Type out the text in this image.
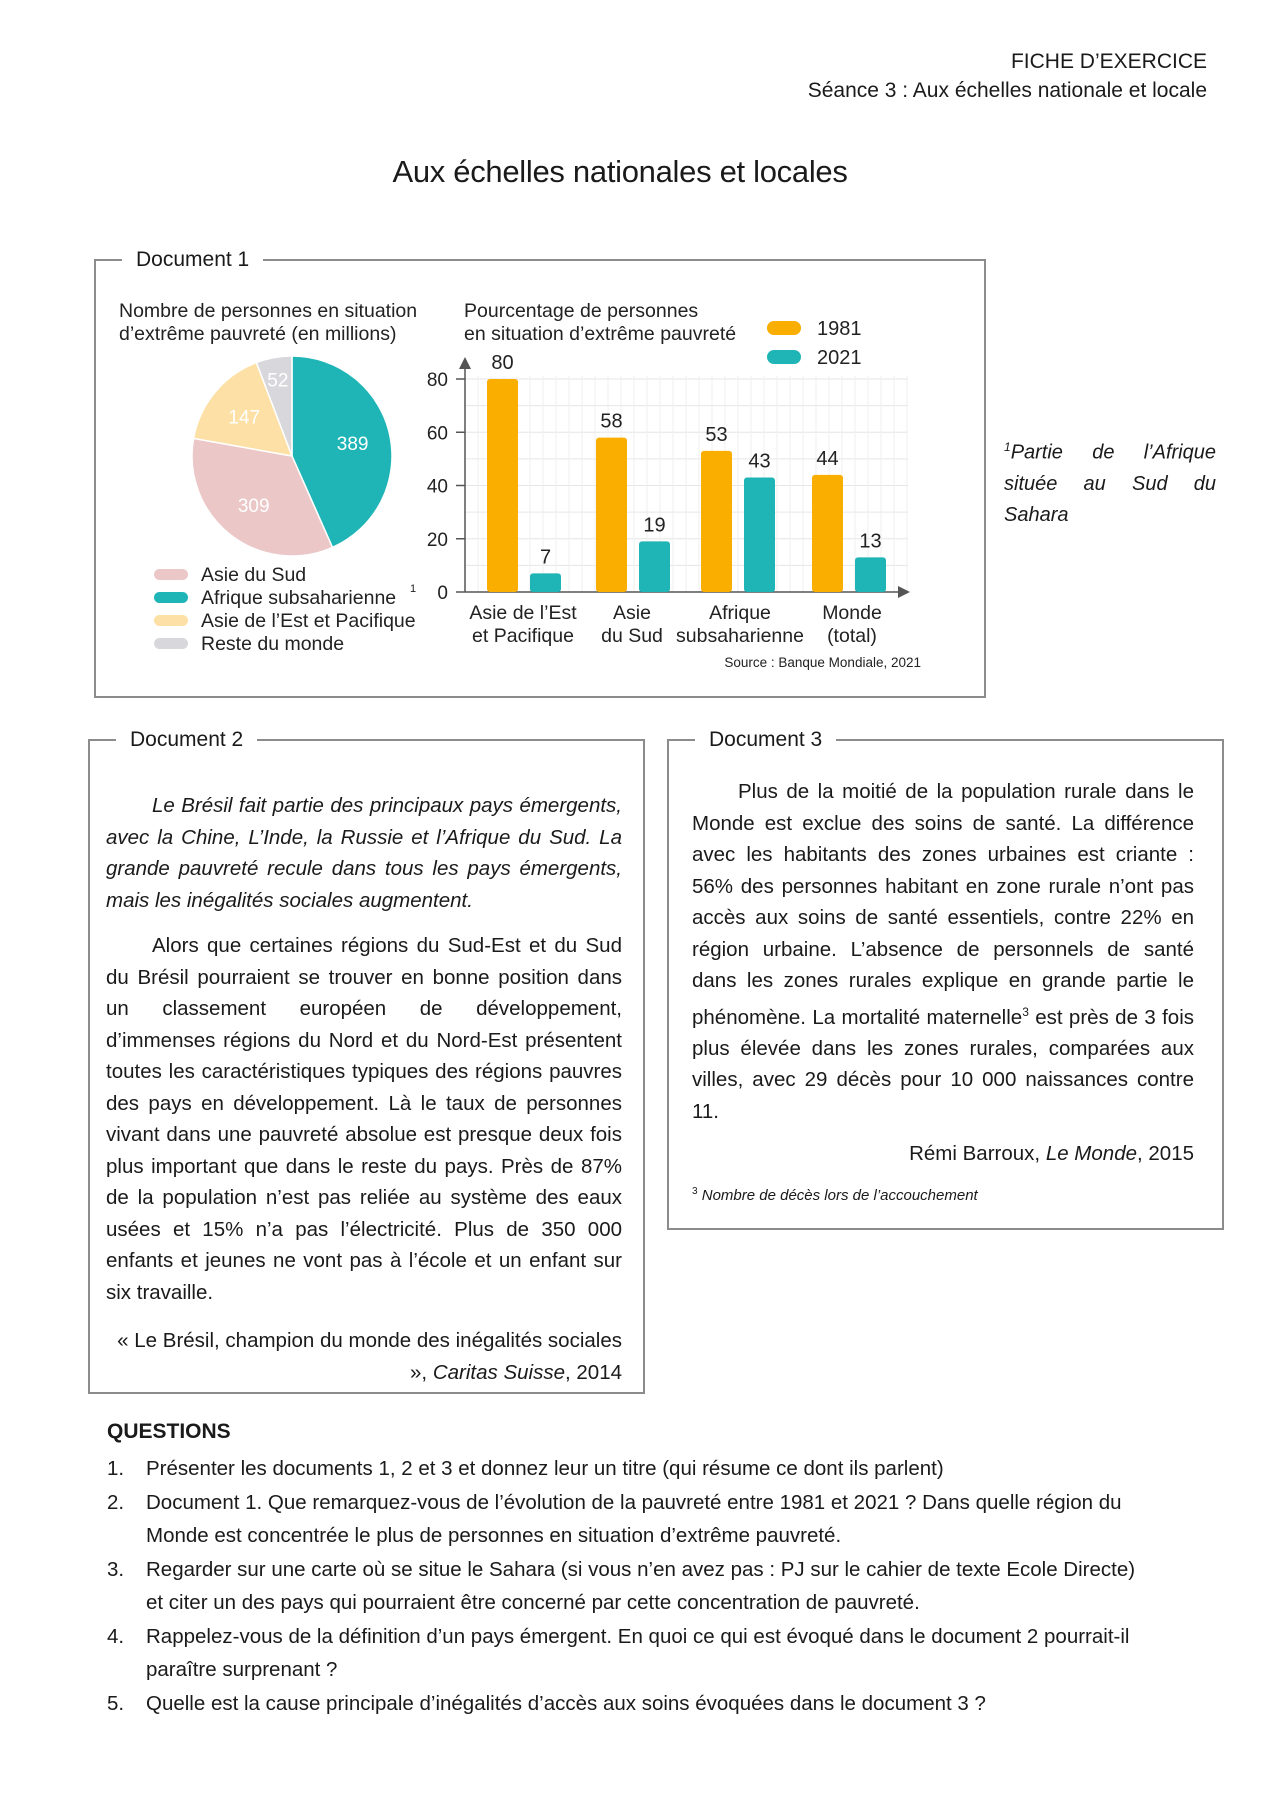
FICHE D’EXERCICE
Séance 3 : Aux échelles nationale et locale
Aux échelles nationales et locales
Document 1
Nombre de personnes en situation
d’extrême pauvreté (en millions)
389
309
147
52
Asie du Sud
Afrique subsaharienne 1
Asie de l’Est et Pacifique
Reste du monde
Pourcentage de personnes
en situation d’extrême pauvreté	1981
2021
0
20
40
60
80
80
7
58
19
53
43 44
13
Asie de l’Est
et Pacifique
Asie
du Sud
Afrique
subsaharienne
Monde
(total)
Source : Banque Mondiale, 2021
$^1$Partie de l’Afrique située au Sud du Sahara
Document 2
Le Brésil fait partie des principaux pays émergents, avec la Chine, L’Inde, la Russie et l’Afrique du Sud. La grande pauvreté recule dans tous les pays émergents, mais les inégalités sociales augmentent.
Alors que certaines régions du Sud-Est et du Sud du Brésil pourraient se trouver en bonne position dans un classement européen de développement, d’immenses régions du Nord et du Nord-Est présentent toutes les caractéristiques typiques des régions pauvres des pays en développement. Là le taux de personnes vivant dans une pauvreté absolue est presque deux fois plus important que dans le reste du pays. Près de 87% de la population n’est pas reliée au système des eaux usées et 15% n’a pas l’électricité. Plus de 350 000 enfants et jeunes ne vont pas à l’école et un enfant sur six travaille.
« Le Brésil, champion du monde des inégalités sociales », Caritas Suisse, 2014
Document 3
Plus de la moitié de la population rurale dans le Monde est exclue des soins de santé. La différence avec les habitants des zones urbaines est criante : 56% des personnes habitant en zone rurale n’ont pas accès aux soins de santé essentiels, contre 22% en région urbaine. L’absence de personnels de santé dans les zones rurales explique en grande partie le phénomène. La mortalité maternelle$^3$ est près de 3 fois plus élevée dans les zones rurales, comparées aux villes, avec 29 décès pour 10 000 naissances contre 11.
Rémi Barroux, Le Monde, 2015
$^3$ Nombre de décès lors de l’accouchement
QUESTIONS
1. Présenter les documents 1, 2 et 3 et donnez leur un titre (qui résume ce dont ils parlent)
2. Document 1. Que remarquez-vous de l’évolution de la pauvreté entre 1981 et 2021 ? Dans quelle région du Monde est concentrée le plus de personnes en situation d’extrême pauvreté.
3. Regarder sur une carte où se situe le Sahara (si vous n’en avez pas : PJ sur le cahier de texte Ecole Directe) et citer un des pays qui pourraient être concerné par cette concentration de pauvreté.
4. Rappelez-vous de la définition d’un pays émergent. En quoi ce qui est évoqué dans le document 2 pourrait-il paraître surprenant ?
5. Quelle est la cause principale d’inégalités d’accès aux soins évoquées dans le document 3 ?
